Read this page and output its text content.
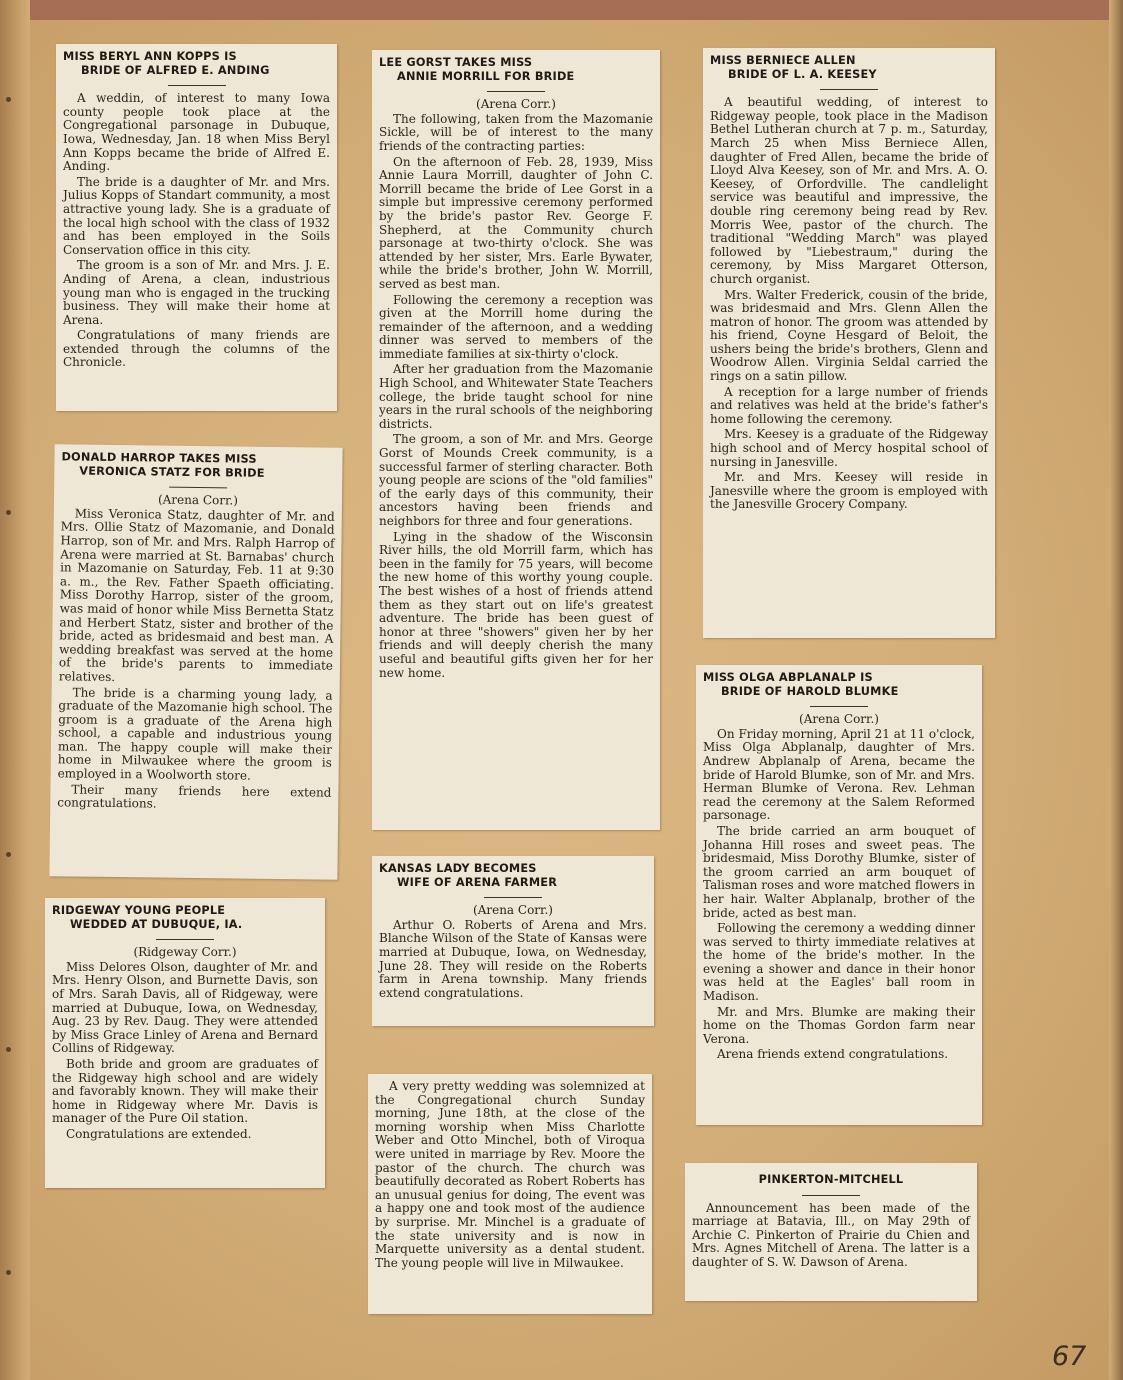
MISS BERYL ANN KOPPS IS
BRIDE OF ALFRED E. ANDING

A weddin, of interest to many Iowa county people took place at the Congregational parsonage in Dubuque, Iowa, Wednesday, Jan. 18 when Miss Beryl Ann Kopps became the bride of Alfred E. Anding.

The bride is a daughter of Mr. and Mrs. Julius Kopps of Standart community, a most attractive young lady. She is a graduate of the local high school with the class of 1932 and has been employed in the Soils Conservation office in this city.

The groom is a son of Mr. and Mrs. J. E. Anding of Arena, a clean, industrious young man who is engaged in the trucking business. They will make their home at Arena.

Congratulations of many friends are extended through the columns of the Chronicle.

DONALD HARROP TAKES MISS
VERONICA STATZ FOR BRIDE
(Arena Corr.)

Miss Veronica Statz, daughter of Mr. and Mrs. Ollie Statz of Mazomanie, and Donald Harrop, son of Mr. and Mrs. Ralph Harrop of Arena were married at St. Barnabas' church in Mazomanie on Saturday, Feb. 11 at 9:30 a. m., the Rev. Father Spaeth officiating. Miss Dorothy Harrop, sister of the groom, was maid of honor while Miss Bernetta Statz and Herbert Statz, sister and brother of the bride, acted as bridesmaid and best man. A wedding breakfast was served at the home of the bride's parents to immediate relatives.

The bride is a charming young lady, a graduate of the Mazomanie high school. The groom is a graduate of the Arena high school, a capable and industrious young man. The happy couple will make their home in Milwaukee where the groom is employed in a Woolworth store.

Their many friends here extend congratulations.

RIDGEWAY YOUNG PEOPLE
WEDDED AT DUBUQUE, IA.
(Ridgeway Corr.)

Miss Delores Olson, daughter of Mr. and Mrs. Henry Olson, and Burnette Davis, son of Mrs. Sarah Davis, all of Ridgeway, were married at Dubuque, Iowa, on Wednesday, Aug. 23 by Rev. Daug. They were attended by Miss Grace Linley of Arena and Bernard Collins of Ridgeway.

Both bride and groom are graduates of the Ridgeway high school and are widely and favorably known. They will make their home in Ridgeway where Mr. Davis is manager of the Pure Oil station.

Congratulations are extended.

LEE GORST TAKES MISS
ANNIE MORRILL FOR BRIDE
(Arena Corr.)

The following, taken from the Mazomanie Sickle, will be of interest to the many friends of the contracting parties:

On the afternoon of Feb. 28, 1939, Miss Annie Laura Morrill, daughter of John C. Morrill became the bride of Lee Gorst in a simple but impressive ceremony performed by the bride's pastor Rev. George F. Shepherd, at the Community church parsonage at two-thirty o'clock. She was attended by her sister, Mrs. Earle Bywater, while the bride's brother, John W. Morrill, served as best man.

Following the ceremony a reception was given at the Morrill home during the remainder of the afternoon, and a wedding dinner was served to members of the immediate families at six-thirty o'clock.

After her graduation from the Mazomanie High School, and Whitewater State Teachers college, the bride taught school for nine years in the rural schools of the neighboring districts.

The groom, a son of Mr. and Mrs. George Gorst of Mounds Creek community, is a successful farmer of sterling character. Both young people are scions of the "old families" of the early days of this community, their ancestors having been friends and neighbors for three and four generations.

Lying in the shadow of the Wisconsin River hills, the old Morrill farm, which has been in the family for 75 years, will become the new home of this worthy young couple. The best wishes of a host of friends attend them as they start out on life's greatest adventure. The bride has been guest of honor at three "showers" given her by her friends and will deeply cherish the many useful and beautiful gifts given her for her new home.

KANSAS LADY BECOMES
WIFE OF ARENA FARMER
(Arena Corr.)

Arthur O. Roberts of Arena and Mrs. Blanche Wilson of the State of Kansas were married at Dubuque, Iowa, on Wednesday, June 28. They will reside on the Roberts farm in Arena township. Many friends extend congratulations.

A very pretty wedding was solemnized at the Congregational church Sunday morning, June 18th, at the close of the morning worship when Miss Charlotte Weber and Otto Minchel, both of Viroqua were united in marriage by Rev. Moore the pastor of the church. The church was beautifully decorated as Robert Roberts has an unusual genius for doing, The event was a happy one and took most of the audience by surprise. Mr. Minchel is a graduate of the state university and is now in Marquette university as a dental student. The young people will live in Milwaukee.

MISS BERNIECE ALLEN
BRIDE OF L. A. KEESEY

A beautiful wedding, of interest to Ridgeway people, took place in the Madison Bethel Lutheran church at 7 p. m., Saturday, March 25 when Miss Berniece Allen, daughter of Fred Allen, became the bride of Lloyd Alva Keesey, son of Mr. and Mrs. A. O. Keesey, of Orfordville. The candlelight service was beautiful and impressive, the double ring ceremony being read by Rev. Morris Wee, pastor of the church. The traditional "Wedding March" was played followed by "Liebestraum," during the ceremony, by Miss Margaret Otterson, church organist.

Mrs. Walter Frederick, cousin of the bride, was bridesmaid and Mrs. Glenn Allen the matron of honor. The groom was attended by his friend, Coyne Hesgard of Beloit, the ushers being the bride's brothers, Glenn and Woodrow Allen. Virginia Seldal carried the rings on a satin pillow.

A reception for a large number of friends and relatives was held at the bride's father's home following the ceremony.

Mrs. Keesey is a graduate of the Ridgeway high school and of Mercy hospital school of nursing in Janesville.

Mr. and Mrs. Keesey will reside in Janesville where the groom is employed with the Janesville Grocery Company.

MISS OLGA ABPLANALP IS
BRIDE OF HAROLD BLUMKE
(Arena Corr.)

On Friday morning, April 21 at 11 o'clock, Miss Olga Abplanalp, daughter of Mrs. Andrew Abplanalp of Arena, became the bride of Harold Blumke, son of Mr. and Mrs. Herman Blumke of Verona. Rev. Lehman read the ceremony at the Salem Reformed parsonage.

The bride carried an arm bouquet of Johanna Hill roses and sweet peas. The bridesmaid, Miss Dorothy Blumke, sister of the groom carried an arm bouquet of Talisman roses and wore matched flowers in her hair. Walter Abplanalp, brother of the bride, acted as best man.

Following the ceremony a wedding dinner was served to thirty immediate relatives at the home of the bride's mother. In the evening a shower and dance in their honor was held at the Eagles' ball room in Madison.

Mr. and Mrs. Blumke are making their home on the Thomas Gordon farm near Verona.

Arena friends extend congratulations.

PINKERTON-MITCHELL

Announcement has been made of the marriage at Batavia, Ill., on May 29th of Archie C. Pinkerton of Prairie du Chien and Mrs. Agnes Mitchell of Arena. The latter is a daughter of S. W. Dawson of Arena.

67
